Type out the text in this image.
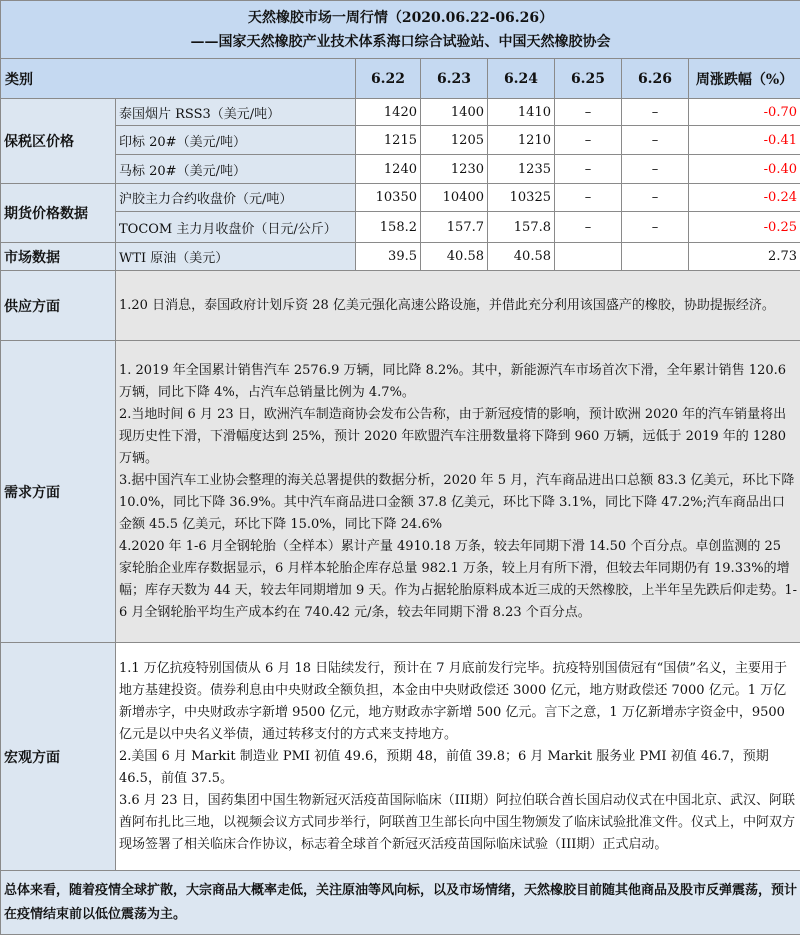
天然橡胶市场一周行情（2020.06.22-06.26）
——国家天然橡胶产业技术体系海口综合试验站、中国天然橡胶协会							

类别		6.22	6.23	6.24	6.25	6.26	周涨跌幅（%）
保税区价格	泰国烟片 RSS3（美元/吨）	1420	1400	1410	–	–	-0.70
	印标 20#（美元/吨）	1215	1205	1210	–	–	-0.41
	马标 20#（美元/吨）	1240	1230	1235	–	–	-0.40
期货价格数据	沪胶主力合约收盘价（元/吨）	10350	10400	10325	–	–	-0.24
	TOCOM 主力月收盘价（日元/公斤）	158.2	157.7	157.8	–	–	-0.25
市场数据	WTI 原油（美元）	39.5	40.58	40.58			2.73
供应方面	1.20 日消息，泰国政府计划斥资 28 亿美元强化高速公路设施，并借此充分利用该国盛产的橡胶，协助提振经济。						
需求方面	1. 2019 年全国累计销售汽车 2576.9 万辆，同比降 8.2%。其中，新能源汽车市场首次下滑，全年累计销售 120.6 万辆，同比下降 4%，占汽车总销量比例为 4.7%。
2.当地时间 6 月 23 日，欧洲汽车制造商协会发布公告称，由于新冠疫情的影响，预计欧洲 2020 年的汽车销量将出现历史性下滑，下滑幅度达到 25%，预计 2020 年欧盟汽车注册数量将下降到 960 万辆，远低于 2019 年的 1280 万辆。
3.据中国汽车工业协会整理的海关总署提供的数据分析，2020 年 5 月，汽车商品进出口总额 83.3 亿美元，环比下降 10.0%，同比下降 36.9%。其中汽车商品进口金额 37.8 亿美元，环比下降 3.1%，同比下降 47.2%;汽车商品出口金额 45.5 亿美元，环比下降 15.0%，同比下降 24.6%
4.2020 年 1-6 月全钢轮胎（全样本）累计产量 4910.18 万条，较去年同期下滑 14.50 个百分点。卓创监测的 25 家轮胎企业库存数据显示，6 月样本轮胎企库存总量 982.1 万条，较上月有所下滑，但较去年同期仍有 19.33%的增幅；库存天数为 44 天，较去年同期增加 9 天。作为占据轮胎原料成本近三成的天然橡胶，上半年呈先跌后仰走势。1-6 月全钢轮胎平均生产成本约在 740.42 元/条，较去年同期下滑 8.23 个百分点。						

宏观方面	1.1 万亿抗疫特别国债从 6 月 18 日陆续发行，预计在 7 月底前发行完毕。抗疫特别国债冠有“国债”名义，主要用于地方基建投资。债券利息由中央财政全额负担，本金由中央财政偿还 3000 亿元，地方财政偿还 7000 亿元。1 万亿新增赤字，中央财政赤字新增 9500 亿元，地方财政赤字新增 500 亿元。言下之意，1 万亿新增赤字资金中，9500 亿元是以中央名义举债，通过转移支付的方式来支持地方。
2.美国 6 月 Markit 制造业 PMI 初值 49.6，预期 48，前值 39.8；6 月 Markit 服务业 PMI 初值 46.7，预期 46.5，前值 37.5。
3.6 月 23 日，国药集团中国生物新冠灭活疫苗国际临床（III期）阿拉伯联合酋长国启动仪式在中国北京、武汉、阿联酋阿布扎比三地，以视频会议方式同步举行，阿联酋卫生部长向中国生物颁发了临床试验批准文件。仪式上，中阿双方现场签署了相关临床合作协议，标志着全球首个新冠灭活疫苗国际临床试验（III期）正式启动。						

总体来看，随着疫情全球扩散，大宗商品大概率走低，关注原油等风向标，以及市场情绪，天然橡胶目前随其他商品及股市反弹震荡，预计在疫情结束前以低位震荡为主。							
